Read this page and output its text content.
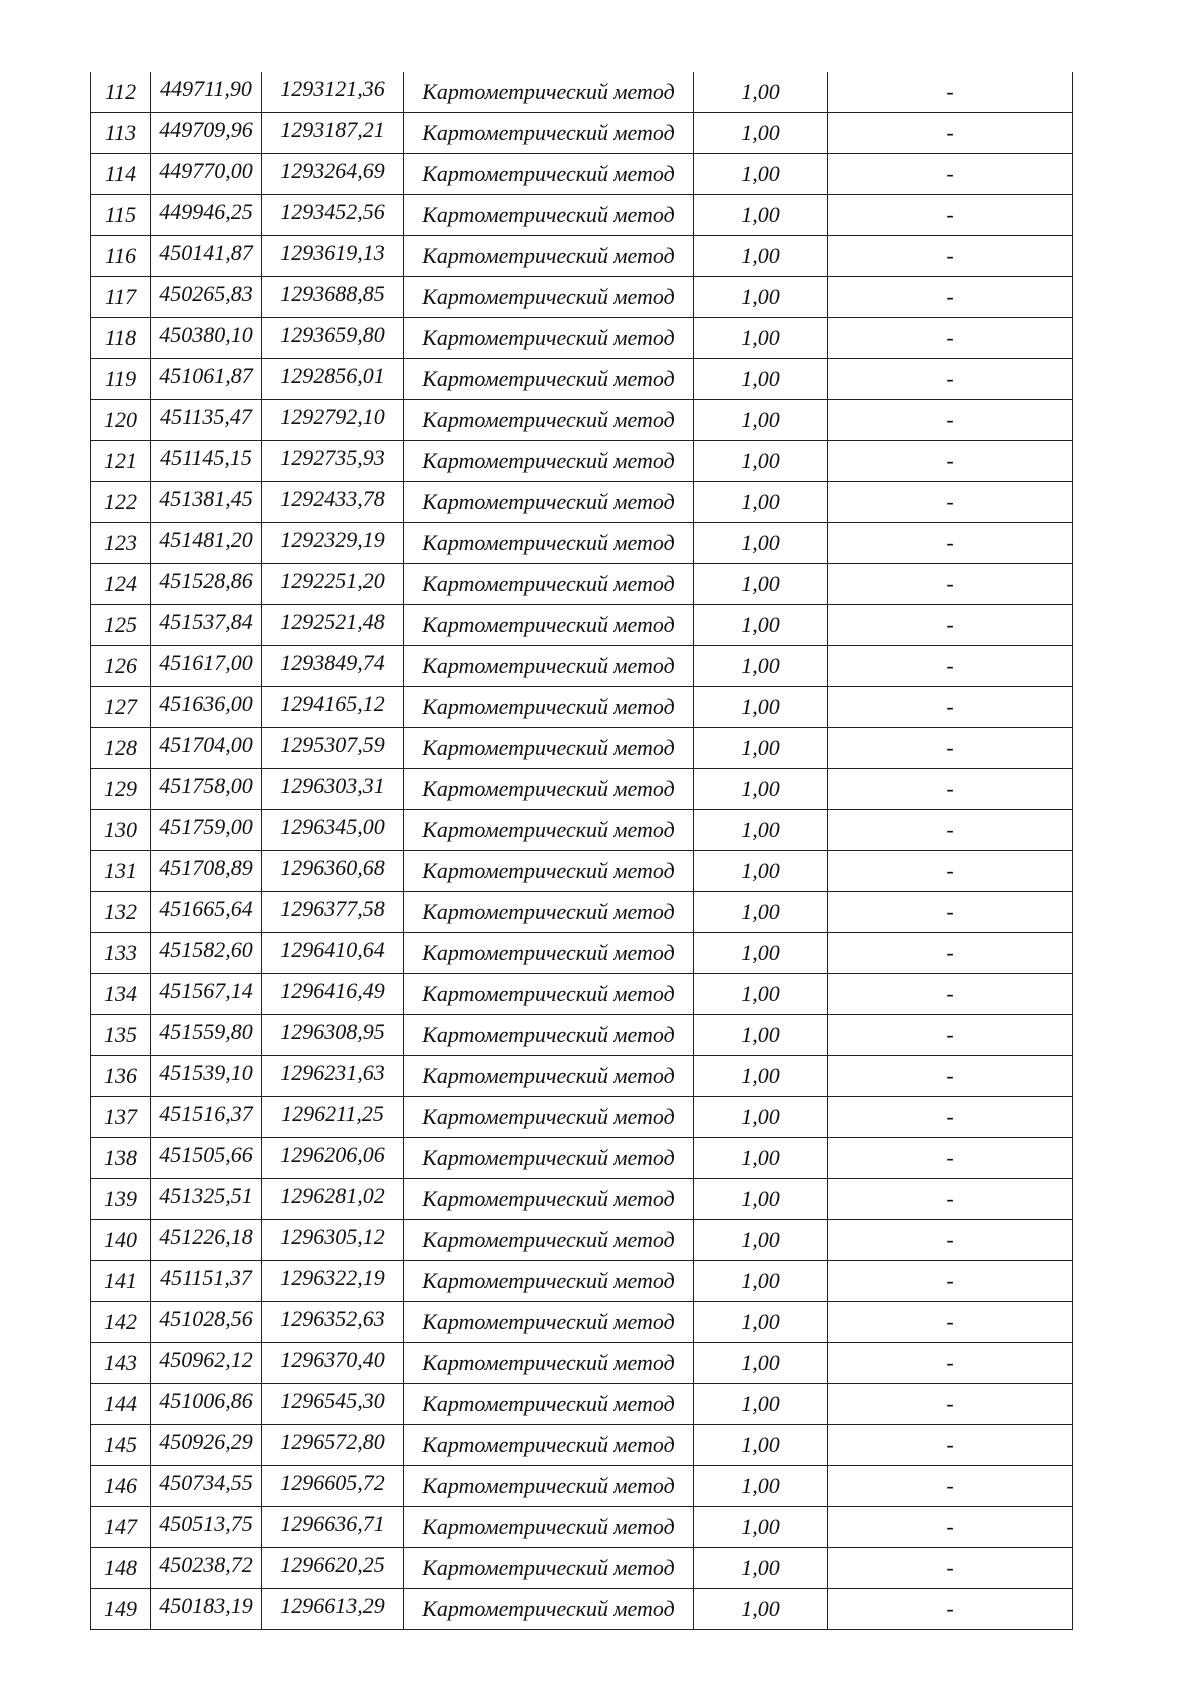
112	449711,90	1293121,36	Картометрический метод	1,00	-
113	449709,96	1293187,21	Картометрический метод	1,00	-
114	449770,00	1293264,69	Картометрический метод	1,00	-
115	449946,25	1293452,56	Картометрический метод	1,00	-
116	450141,87	1293619,13	Картометрический метод	1,00	-
117	450265,83	1293688,85	Картометрический метод	1,00	-
118	450380,10	1293659,80	Картометрический метод	1,00	-
119	451061,87	1292856,01	Картометрический метод	1,00	-
120	451135,47	1292792,10	Картометрический метод	1,00	-
121	451145,15	1292735,93	Картометрический метод	1,00	-
122	451381,45	1292433,78	Картометрический метод	1,00	-
123	451481,20	1292329,19	Картометрический метод	1,00	-
124	451528,86	1292251,20	Картометрический метод	1,00	-
125	451537,84	1292521,48	Картометрический метод	1,00	-
126	451617,00	1293849,74	Картометрический метод	1,00	-
127	451636,00	1294165,12	Картометрический метод	1,00	-
128	451704,00	1295307,59	Картометрический метод	1,00	-
129	451758,00	1296303,31	Картометрический метод	1,00	-
130	451759,00	1296345,00	Картометрический метод	1,00	-
131	451708,89	1296360,68	Картометрический метод	1,00	-
132	451665,64	1296377,58	Картометрический метод	1,00	-
133	451582,60	1296410,64	Картометрический метод	1,00	-
134	451567,14	1296416,49	Картометрический метод	1,00	-
135	451559,80	1296308,95	Картометрический метод	1,00	-
136	451539,10	1296231,63	Картометрический метод	1,00	-
137	451516,37	1296211,25	Картометрический метод	1,00	-
138	451505,66	1296206,06	Картометрический метод	1,00	-
139	451325,51	1296281,02	Картометрический метод	1,00	-
140	451226,18	1296305,12	Картометрический метод	1,00	-
141	451151,37	1296322,19	Картометрический метод	1,00	-
142	451028,56	1296352,63	Картометрический метод	1,00	-
143	450962,12	1296370,40	Картометрический метод	1,00	-
144	451006,86	1296545,30	Картометрический метод	1,00	-
145	450926,29	1296572,80	Картометрический метод	1,00	-
146	450734,55	1296605,72	Картометрический метод	1,00	-
147	450513,75	1296636,71	Картометрический метод	1,00	-
148	450238,72	1296620,25	Картометрический метод	1,00	-
149	450183,19	1296613,29	Картометрический метод	1,00	-
